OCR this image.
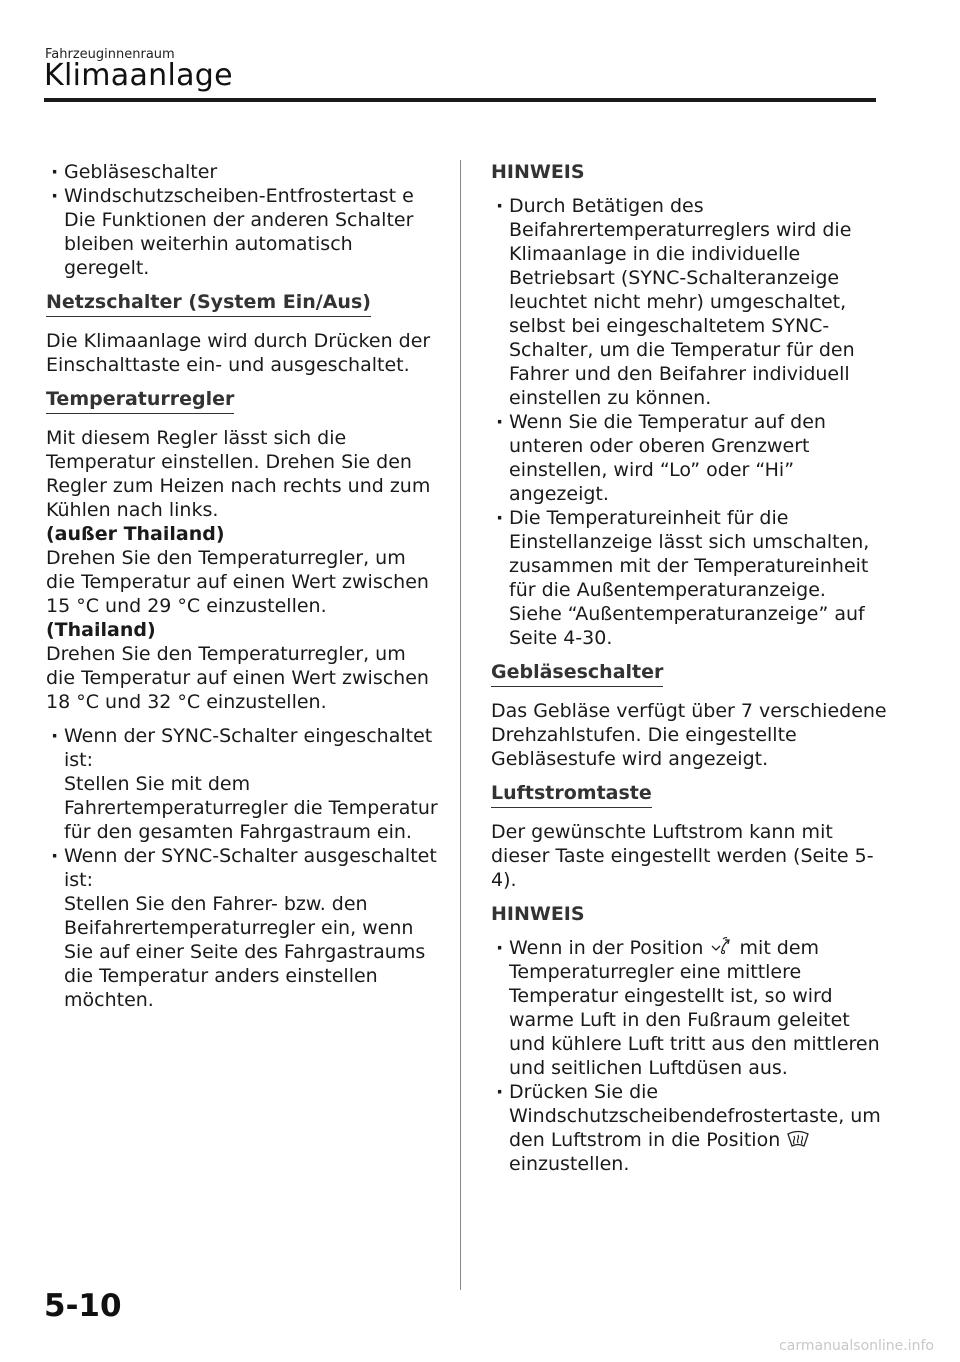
Fahrzeuginnenraum
Klimaanlage
· Gebläseschalter
· Windschutzscheiben-Entfrostertast e
Die Funktionen der anderen Schalter bleiben weiterhin automatisch geregelt.
Netzschalter (System Ein/Aus)
Die Klimaanlage wird durch Drücken der Einschalttaste ein- und ausgeschaltet.
Temperaturregler
Mit diesem Regler lässt sich die Temperatur einstellen. Drehen Sie den Regler zum Heizen nach rechts und zum Kühlen nach links.
(außer Thailand)
Drehen Sie den Temperaturregler, um die Temperatur auf einen Wert zwischen 15 °C und 29 °C einzustellen.
(Thailand)
Drehen Sie den Temperaturregler, um die Temperatur auf einen Wert zwischen 18 °C und 32 °C einzustellen.
· Wenn der SYNC-Schalter eingeschaltet ist:
Stellen Sie mit dem Fahrertemperaturregler die Temperatur für den gesamten Fahrgastraum ein.
· Wenn der SYNC-Schalter ausgeschaltet ist:
Stellen Sie den Fahrer- bzw. den Beifahrertemperaturregler ein, wenn Sie auf einer Seite des Fahrgastraums die Temperatur anders einstellen möchten.
HINWEIS
· Durch Betätigen des Beifahrertemperaturreglers wird die Klimaanlage in die individuelle Betriebsart (SYNC-Schalteranzeige leuchtet nicht mehr) umgeschaltet, selbst bei eingeschaltetem SYNC-Schalter, um die Temperatur für den Fahrer und den Beifahrer individuell einstellen zu können.
· Wenn Sie die Temperatur auf den unteren oder oberen Grenzwert einstellen, wird “Lo” oder “Hi” angezeigt.
· Die Temperatureinheit für die Einstellanzeige lässt sich umschalten, zusammen mit der Temperatureinheit für die Außentemperaturanzeige.
Siehe “Außentemperaturanzeige” auf Seite 4-30.
Gebläseschalter
Das Gebläse verfügt über 7 verschiedene Drehzahlstufen. Die eingestellte Gebläsestufe wird angezeigt.
Luftstromtaste
Der gewünschte Luftstrom kann mit dieser Taste eingestellt werden (Seite 5-4).
HINWEIS
· Wenn in der Position mit dem Temperaturregler eine mittlere Temperatur eingestellt ist, so wird warme Luft in den Fußraum geleitet und kühlere Luft tritt aus den mittleren und seitlichen Luftdüsen aus.
· Drücken Sie die Windschutzscheibendefrostertaste, um den Luftstrom in die Position
einzustellen.
5-10
carmanualsonline.info
